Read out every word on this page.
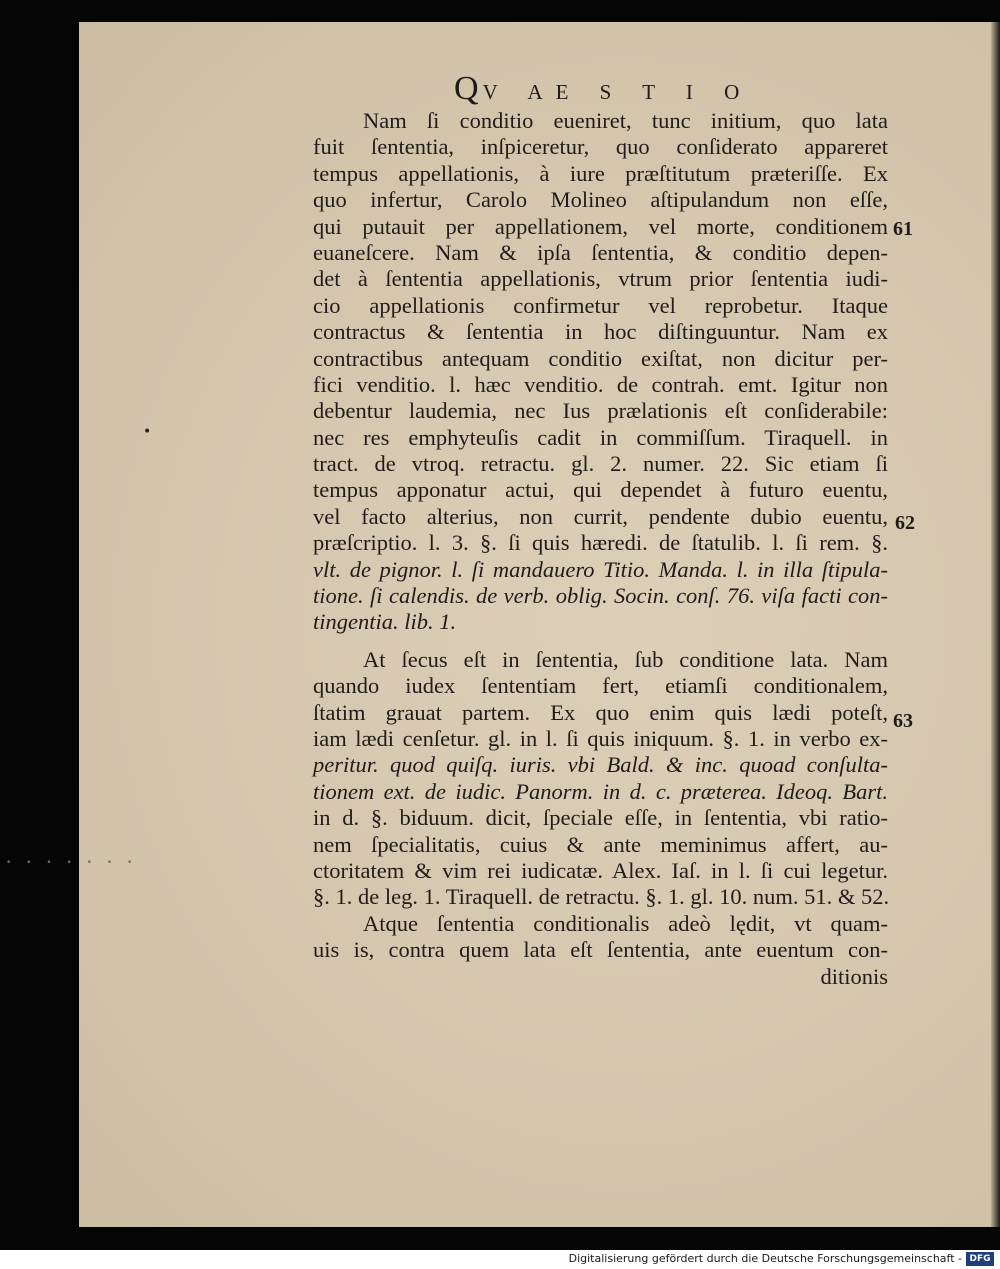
• • • • • • •
•
QV AE S T I O
Nam ſi conditio eueniret, tunc initium, quo lata
fuit ſententia, inſpiceretur, quo conſiderato appareret
tempus appellationis, à iure præſtitutum præteriſſe. Ex
quo infertur, Carolo Molineo aſtipulandum non eſſe,
qui putauit per appellationem, vel morte, conditionem
euaneſcere. Nam & ipſa ſententia, & conditio depen-
det à ſententia appellationis, vtrum prior ſententia iudi-
cio appellationis confirmetur vel reprobetur. Itaque
contractus & ſententia in hoc diſtinguuntur. Nam ex
contractibus antequam conditio exiſtat, non dicitur per-
fici venditio. l. hæc venditio. de contrah. emt. Igitur non
debentur laudemia, nec Ius prælationis eſt conſiderabile:
nec res emphyteuſis cadit in commiſſum. Tiraquell. in
tract. de vtroq. retractu. gl. 2. numer. 22. Sic etiam ſi
tempus apponatur actui, qui dependet à futuro euentu,
vel facto alterius, non currit, pendente dubio euentu,
præſcriptio. l. 3. §. ſi quis hæredi. de ſtatulib. l. ſi rem. §.
vlt. de pignor. l. ſi mandauero Titio. Manda. l. in illa ſtipula-
tione. ſi calendis. de verb. oblig. Socin. conſ. 76. viſa facti con-
tingentia. lib. 1.
At ſecus eſt in ſententia, ſub conditione lata. Nam
quando iudex ſententiam fert, etiamſi conditionalem,
ſtatim grauat partem. Ex quo enim quis lædi poteſt,
iam lædi cenſetur. gl. in l. ſi quis iniquum. §. 1. in verbo ex-
peritur. quod quiſq. iuris. vbi Bald. & inc. quoad conſulta-
tionem ext. de iudic. Panorm. in d. c. præterea. Ideoq. Bart.
in d. §. biduum. dicit, ſpeciale eſſe, in ſententia, vbi ratio-
nem ſpecialitatis, cuius & ante meminimus affert, au-
ctoritatem & vim rei iudicatæ. Alex. Iaſ. in l. ſi cui legetur.
§. 1. de leg. 1. Tiraquell. de retractu. §. 1. gl. 10. num. 51. & 52.
Atque ſententia conditionalis adeò lędit, vt quam-
uis is, contra quem lata eſt ſententia, ante euentum con-
ditionis
61
62
63
Digitalisierung gefördert durch die Deutsche Forschungsgemeinschaft - DFG
